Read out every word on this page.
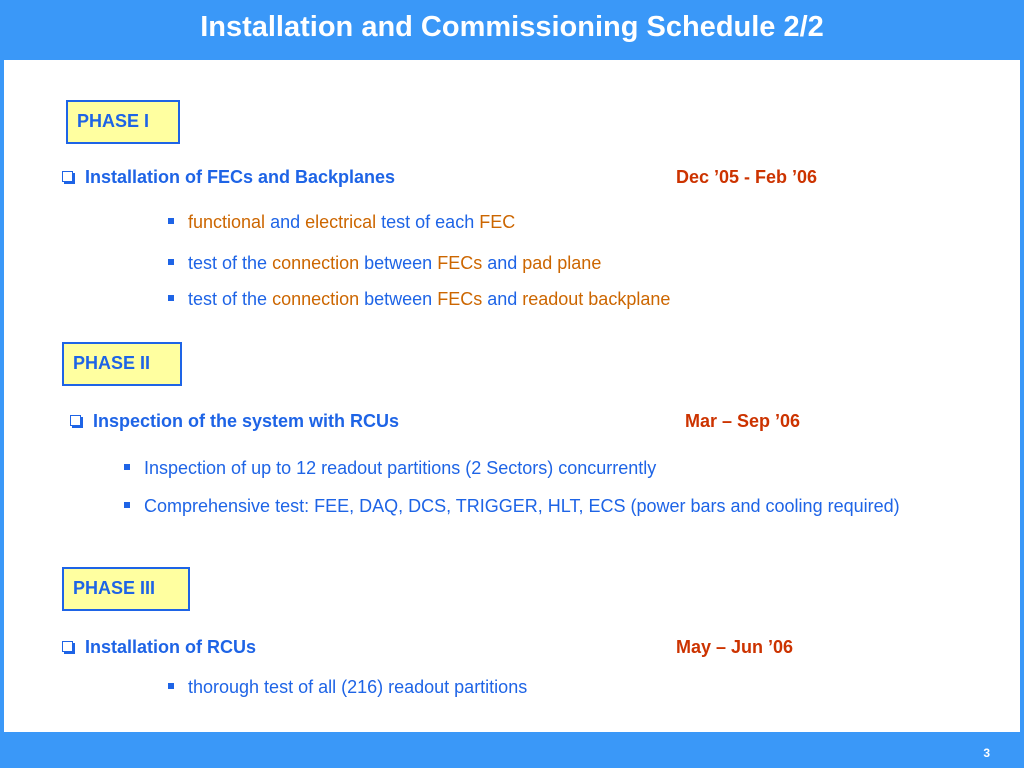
Installation and Commissioning Schedule 2/2
PHASE I
Installation of FECs and Backplanes	Dec ’05 - Feb ’06
functional and electrical test of each FEC
test of the connection between FECs and pad plane
test of the connection between FECs and readout backplane
PHASE II
Inspection of the system with RCUs	Mar – Sep ’06
Inspection of up to 12 readout partitions (2 Sectors) concurrently
Comprehensive test: FEE, DAQ, DCS, TRIGGER, HLT, ECS (power bars and cooling required)
PHASE III
Installation of RCUs	May – Jun ’06
thorough test of all (216) readout partitions
3
